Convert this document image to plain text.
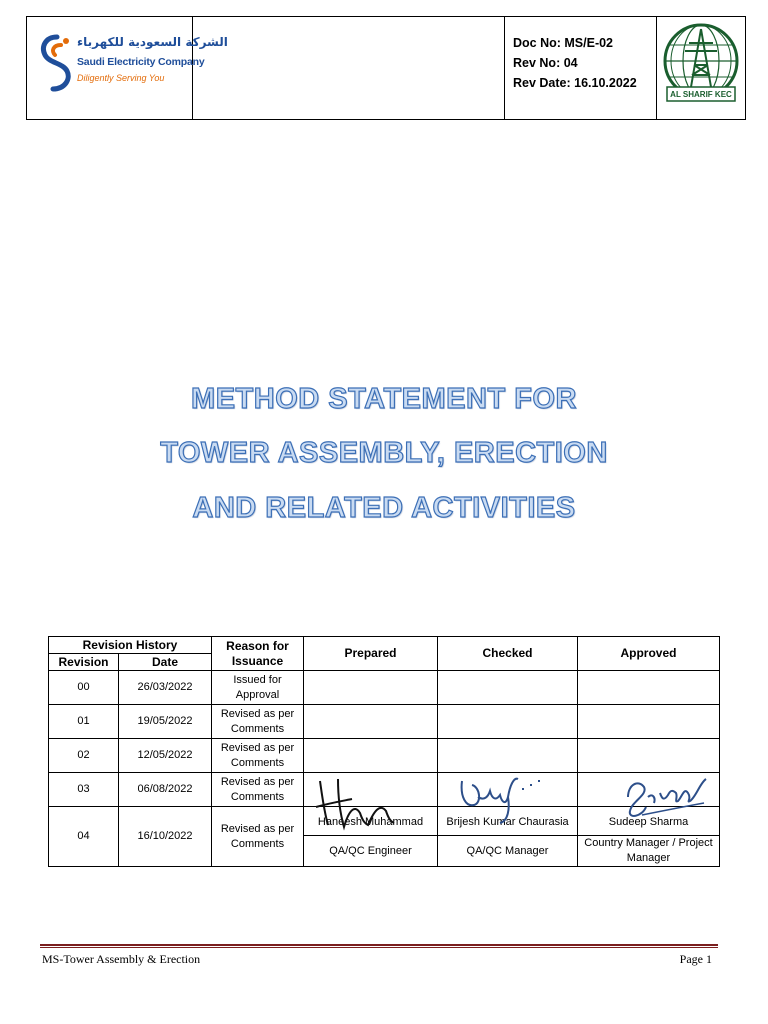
الشركة السعودية للكهرباء
Saudi Electricity Company
Diligently Serving You
Doc No: MS/E-02
Rev No: 04
Rev Date: 16.10.2022
AL SHARIF KEC
METHOD STATEMENT FOR
TOWER ASSEMBLY, ERECTION
AND RELATED ACTIVITIES
Revision History		Reason for Issuance	Prepared	Checked	Approved
Revision	Date				
00	26/03/2022	Issued for Approval			
01	19/05/2022	Revised as per Comments			
02	12/05/2022	Revised as per Comments			
03	06/08/2022	Revised as per Comments			
04	16/10/2022	Revised as per Comments	Haneesh Muhammad	Brijesh Kumar Chaurasia	Sudeep Sharma
			QA/QC Engineer	QA/QC Manager	Country Manager / Project Manager
MS-Tower Assembly & Erection	Page 1
